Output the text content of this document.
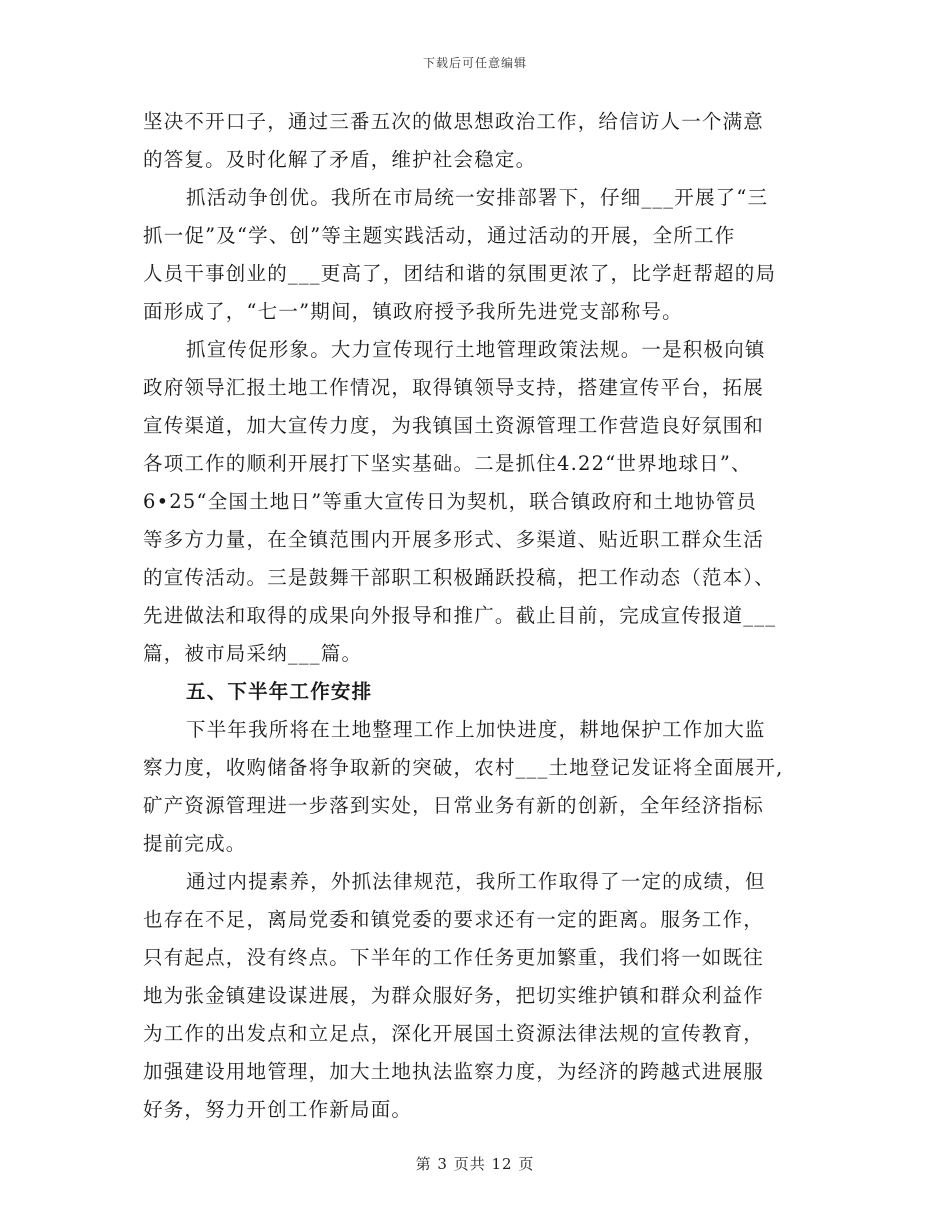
下载后可任意编辑
坚决不开口子，通过三番五次的做思想政治工作，给信访人一个满意
的答复。及时化解了矛盾，维护社会稳定。
抓活动争创优。我所在市局统一安排部署下，仔细___开展了“三
抓一促”及“学、创”等主题实践活动，通过活动的开展，全所工作
人员干事创业的___更高了，团结和谐的氛围更浓了，比学赶帮超的局
面形成了，“七一”期间，镇政府授予我所先进党支部称号。
抓宣传促形象。大力宣传现行土地管理政策法规。一是积极向镇
政府领导汇报土地工作情况，取得镇领导支持，搭建宣传平台，拓展
宣传渠道，加大宣传力度，为我镇国土资源管理工作营造良好氛围和
各项工作的顺利开展打下坚实基础。二是抓住4.22“世界地球日”、
6•25“全国土地日”等重大宣传日为契机，联合镇政府和土地协管员
等多方力量，在全镇范围内开展多形式、多渠道、贴近职工群众生活
的宣传活动。三是鼓舞干部职工积极踊跃投稿，把工作动态（范本）、
先进做法和取得的成果向外报导和推广。截止目前，完成宣传报道___
篇，被市局采纳___篇。
五、下半年工作安排
下半年我所将在土地整理工作上加快进度，耕地保护工作加大监
察力度，收购储备将争取新的突破，农村___土地登记发证将全面展开,
矿产资源管理进一步落到实处，日常业务有新的创新，全年经济指标
提前完成。
通过内提素养，外抓法律规范，我所工作取得了一定的成绩，但
也存在不足，离局党委和镇党委的要求还有一定的距离。服务工作，
只有起点，没有终点。下半年的工作任务更加繁重，我们将一如既往
地为张金镇建设谋进展，为群众服好务，把切实维护镇和群众利益作
为工作的出发点和立足点，深化开展国土资源法律法规的宣传教育，
加强建设用地管理，加大土地执法监察力度，为经济的跨越式进展服
好务，努力开创工作新局面。
第 3 页共 12 页
